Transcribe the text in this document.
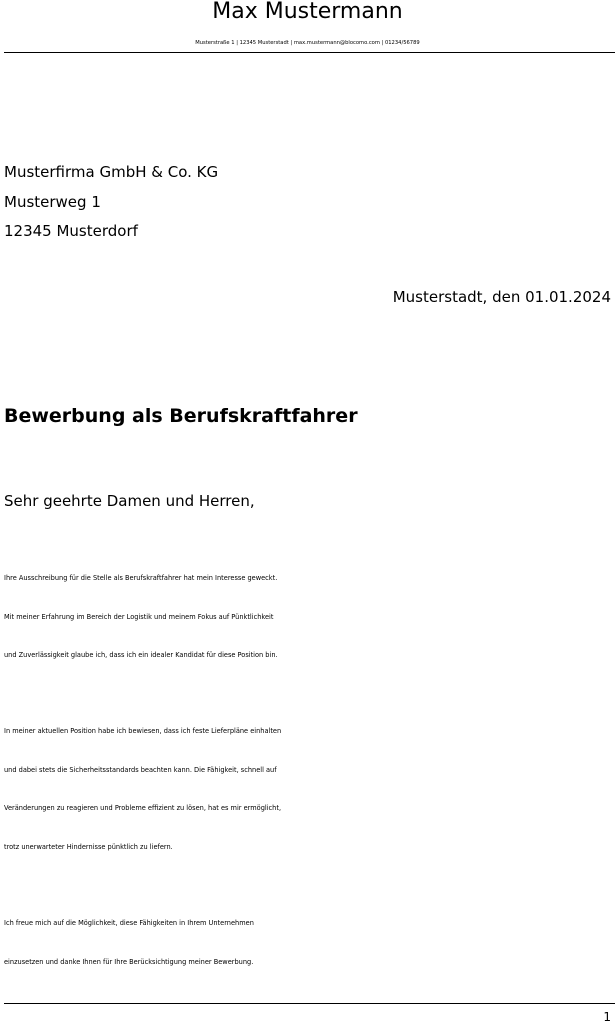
Max Mustermann
Musterstraße 1 | 12345 Musterstadt | max.mustermann@blocomo.com | 01234/56789
Musterfirma GmbH & Co. KG
Musterweg 1
12345 Musterdorf
Musterstadt, den 01.01.2024
Bewerbung als Berufskraftfahrer
Sehr geehrte Damen und Herren,

Ihre Ausschreibung für die Stelle als Berufskraftfahrer hat mein Interesse geweckt.
Mit meiner Erfahrung im Bereich der Logistik und meinem Fokus auf Pünktlichkeit
und Zuverlässigkeit glaube ich, dass ich ein idealer Kandidat für diese Position bin.

In meiner aktuellen Position habe ich bewiesen, dass ich feste Lieferpläne einhalten
und dabei stets die Sicherheitsstandards beachten kann. Die Fähigkeit, schnell auf
Veränderungen zu reagieren und Probleme effizient zu lösen, hat es mir ermöglicht,
trotz unerwarteter Hindernisse pünktlich zu liefern.

Ich freue mich auf die Möglichkeit, diese Fähigkeiten in Ihrem Unternehmen
einzusetzen und danke Ihnen für Ihre Berücksichtigung meiner Bewerbung.

1
